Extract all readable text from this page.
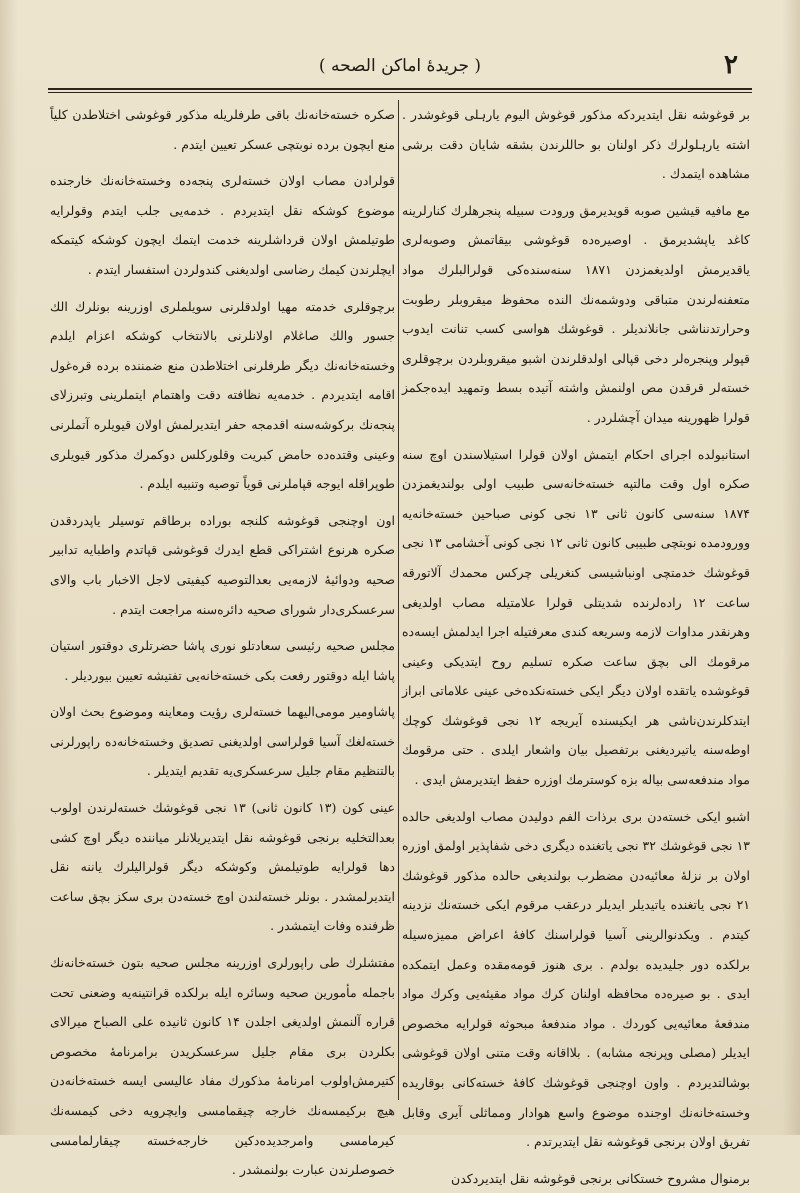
٢
( جريدهٔ اماكن الصحه )

بر قوغوشه نقل ایتدیردکه مذکور قوغوش الیوم یارہلی قوغوشدر . اشته یارہلولرك ذکر اولنان بو حاللرندن بشقه شایان دقت برشی مشاهده ایتمدك .

مع مافیه قیشین صوبه قویدیرمق ورودت سبیله پنجرهلرك کنارلرینه کاغد یاپشدیرمق . اوصیره‌ده قوغوشی بیقاتمش وصوبه‌لری یاقدیرمش اولدیغمزدن ۱۸۷۱ سنه‌سنده‌کی قولرالبلرك مواد متعفنه‌لرندن متباقی ودوشمه‌نك النده محفوظ میقروبلر رطوبت وحرارتدنناشی جانلاندیلر . قوغوشك هواسی کسب تنانت ایدوب قپولر وپنجره‌لر دخی قپالی اولدقلرندن اشبو میقروبلردن برچوقلری خسته‌لر قرقدن مص اولنمش واشته آتیده بسط وتمهید ایده‌جکمز قولرا ظهورینه میدان آچشلردر .

استانبولده اجرای احکام ایتمش اولان قولرا استیلاسندن اوچ سنه صکره اول وقت مالتپه خسته‌خانه‌سی طبیب اولی بولندیغمزدن ۱۸۷۴ سنه‌سی کانون ثانی ۱۳ نجی کونی صباحین خسته‌خانه‌یه وورودمده نوبتچی طبیبی کانون ثانی ۱۲ نجی کونی آخشامی ۱۳ نجی قوغوشك خدمتچی اونباشیسی کنغریلی چرکس محمدك آلاتورقه ساعت ۱۲ راده‌لرنده شدیتلی قولرا علامتیله مصاب اولدیغی وهرنقدر مداوات لازمه وسریعه کندی معرفتیله اجرا ایدلمش ایسه‌ده مرقومك الی بچق ساعت صکره تسلیم روح ایتدیکی وعینی قوغوشده یاتقده اولان دیگر ایکی خسته‌نکده‌خی عینی علاماتی ابراز ایتدکلرندن‌ناشی هر ایکیسنده آیریجه ۱۲ نجی قوغوشك کوچك اوطه‌سنه یاتیردیغنی برتفصیل بیان واشعار ایلدی . حتی مرقومك مواد مندفعه‌سی بیاله بزه کوسترمك اوزره حفظ ایتدیرمش ایدی .

اشبو ایکی خسته‌دن بری برذات الفم دولیدن مصاب اولدیغی حالده ۱۳ نجی قوغوشك ۳۲ نجی یاتغنده دیگری دخی شفاپذیر اولمق اوزره اولان بر نزلهٔ معائیه‌دن مضطرب بولندیغی حالده مذکور قوغوشك ۲۱ نجی یاتغنده یاتیدیلر ایدیلر درعقب مرقوم ایکی خسته‌نك نزدینه کیتدم . ویکدنوالرینی آسیا قولراسنك کافهٔ اعراض ممیزه‌سیله برلکده دور جلیدیده بولدم . بری هنوز قومه‌مقده وعمل ایتمکده ایدی . بو صیره‌ده محافظه اولنان کرك مواد مقیئه‌یی وکرك مواد مندفعهٔ معائیه‌یی کوردك . مواد مندفعهٔ مبحوثه قولرایه مخصوص ایدیلر (مصلی وپرنجه مشابه) . بلااقانه وقت متنی اولان قوغوشی بوشالتدیردم . واون اوچنجی قوغوشك کافهٔ خسته‌کانی بوقاریده وخسته‌خانه‌نك اوجنده موضوع واسع هوادار ومماثلی آیری وقابل تفریق اولان برنجی قوغوشه نقل ایتدیرتدم .

برمنوال مشروح خستکانی برنجی قوغوشه نقل ایتدیردکدن

صکره خسته‌خانه‌نك باقی طرفلریله مذکور قوغوشی اختلاطدن کلیاً منع ایچون برده نوبتچی عسکر تعیین ایتدم .

قولرادن مصاب اولان خسته‌لری پنجه‌ده وخسته‌خانه‌نك خارجنده موضوع کوشکه نقل ایتدیردم . خدمه‌یی جلب ایتدم وقولرایه طوتیلمش اولان قرداشلرینه خدمت ایتمك ایچون کوشکه کیتمکه ایچلرندن کیمك رضاسی اولدیغنی کندولردن استفسار ایتدم .

برچوقلری خدمته مهیا اولدقلرنی سویلملری اوزرینه بونلرك الك جسور والك صاغلام اولانلرنی بالانتخاب کوشکه اعزام ایلدم وخسته‌خانه‌نك دیگر طرفلرنی اختلاطدن منع ضمننده برده قره‌غول اقامه ایتدیردم . خدمه‌یه نظافته دقت واهتمام ایتملرینی وتبرزلای پنجه‌نك برکوشه‌سنه اقدمجه حفر ایتدیرلمش اولان قیویلره آتملرنی وعینی وقتده‌ده حامض کبریت وقلورکلس دوکمرك مذکور قیویلری طوپراقله ایوجه قپاملرنی قویاً توصیه وتنبیه ایلدم .

اون اوچنجی قوغوشه کلنجه بوراده برطاقم توسیلر یاپدردقدن صکره هرنوع اشتراکی قطع ایدرك قوغوشی قپاتدم واطبایه تدابیر صحیه ودوائیهٔ لازمه‌یی بعدالتوصیه کیفیتی لاجل الاخبار باب والای سرعسکری‌دار شورای صحیه دائره‌سنه مراجعت ایتدم .

مجلس صحیه رئیسی سعادتلو نوری پاشا حضرتلری دوقتور استیان پاشا ایله دوقتور رفعت بکی خسته‌خانه‌یی تفتیشه تعیین بیوردیلر .

پاشاومیر مومی‌الیهما خسته‌لری رؤیت ومعاینه وموضوع بحث اولان خسته‌لغك آسیا قولراسی اولدیغنی تصدیق وخسته‌خانه‌ده راپورلرنی بالتنظیم مقام جلیل سرعسکری‌یه تقدیم ایتدیلر .

عینی کون (۱۳ کانون ثانی) ۱۳ نجی قوغوشك خسته‌لرندن اولوب بعدالتخلیه برنجی قوغوشه نقل ایتدیریلانلر میاننده دیگر اوچ کشی دها قولرایه طوتیلمش وکوشکه دیگر قولرالیلرك یاننه نقل ایتدیرلمشدر . بونلر خسته‌لندن اوچ خسته‌دن بری سکز بچق ساعت ظرفنده وفات ایتمشدر .

مفتشلرك طی راپورلری اوزرینه مجلس صحیه بتون خسته‌خانه‌نك باجمله مأمورین صحیه وسائره ایله برلکده قرانتینه‌یه وضعنی تحت قراره آلنمش اولدیغی اجلدن ۱۴ کانون ثانیده علی الصباح میرالای بکلردن بری مقام جلیل سرعسکریدن برامرنامهٔ مخصوص کتیرمش‌اولوب امرنامهٔ مذکورك مفاد عالیسی ایسه خسته‌خانه‌دن هیچ برکیمسه‌نك خارجه چیقمامسی وایچرویه دخی کیمسه‌نك کیرمامسی وامرجدیده‌دکین خارجه‌خسته چیقارلمامسی خصوصلرندن عبارت بولنمشدر .
